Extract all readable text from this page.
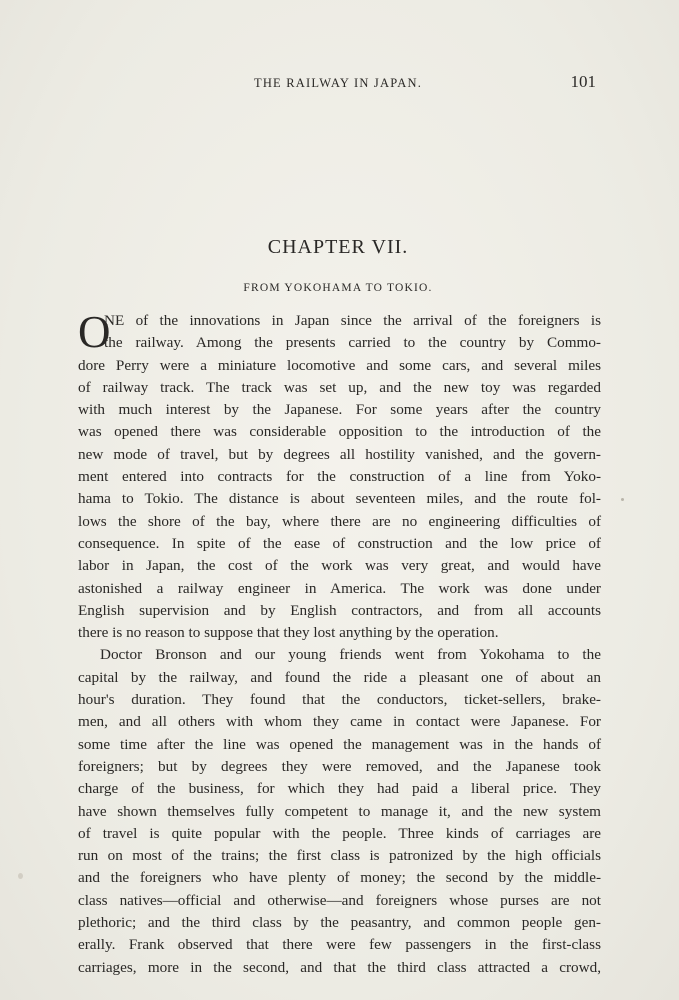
THE RAILWAY IN JAPAN.	101
CHAPTER VII.
FROM YOKOHAMA TO TOKIO.
O
NE of the innovations in Japan since the arrival of the foreigners is
the railway. Among the presents carried to the country by Commo-
dore Perry were a miniature locomotive and some cars, and several miles
of railway track. The track was set up, and the new toy was regarded
with much interest by the Japanese. For some years after the country
was opened there was considerable opposition to the introduction of the
new mode of travel, but by degrees all hostility vanished, and the govern-
ment entered into contracts for the construction of a line from Yoko-
hama to Tokio. The distance is about seventeen miles, and the route fol-
lows the shore of the bay, where there are no engineering difficulties of
consequence. In spite of the ease of construction and the low price of
labor in Japan, the cost of the work was very great, and would have
astonished a railway engineer in America. The work was done under
English supervision and by English contractors, and from all accounts
there is no reason to suppose that they lost anything by the operation.
Doctor Bronson and our young friends went from Yokohama to the
capital by the railway, and found the ride a pleasant one of about an
hour's duration. They found that the conductors, ticket-sellers, brake-
men, and all others with whom they came in contact were Japanese. For
some time after the line was opened the management was in the hands of
foreigners; but by degrees they were removed, and the Japanese took
charge of the business, for which they had paid a liberal price. They
have shown themselves fully competent to manage it, and the new system
of travel is quite popular with the people. Three kinds of carriages are
run on most of the trains; the first class is patronized by the high officials
and the foreigners who have plenty of money; the second by the middle-
class natives—official and otherwise—and foreigners whose purses are not
plethoric; and the third class by the peasantry, and common people gen-
erally. Frank observed that there were few passengers in the first-class
carriages, more in the second, and that the third class attracted a crowd,
